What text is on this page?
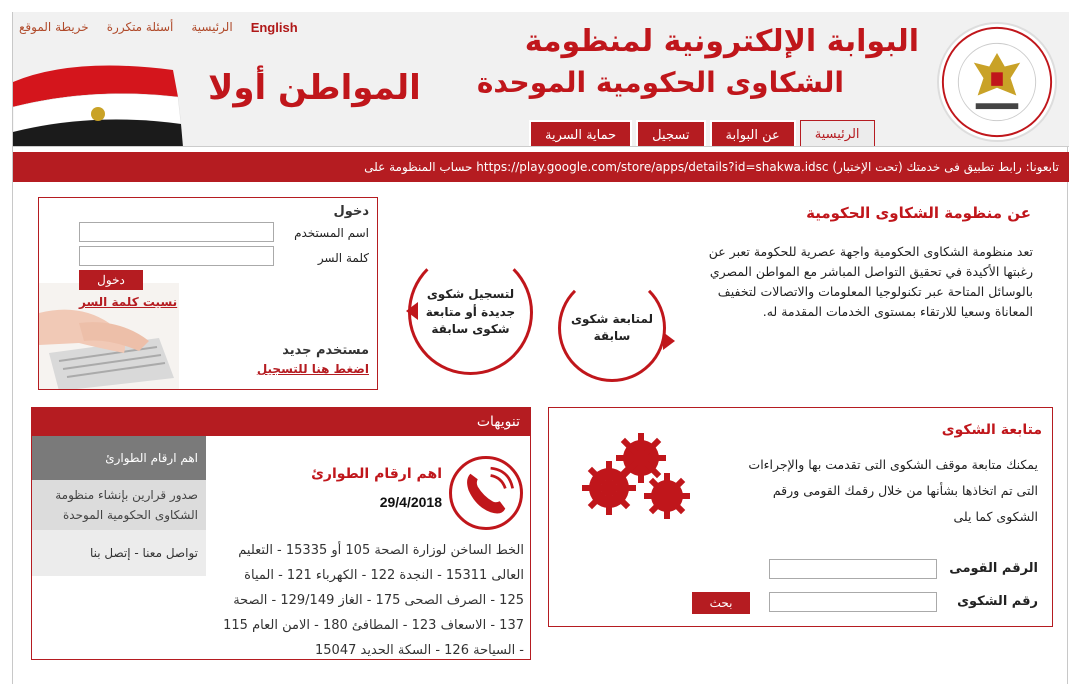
خريطة الموقع أسئلة متكررة الرئيسية English
المواطن أولا
البوابة الإلكترونية لمنظومة
الشكاوى الحكومية الموحدة
الرئيسية
عن البوابة
تسجيل
حماية السرية
تابعونا: رابط تطبيق فى خدمتك (تحت الإختبار) https://play.google.com/store/apps/details?id=shakwa.idsc حساب المنظومة على
دخول
اسم المستخدم
كلمة السر
دخول
نسيت كلمة السر
مستخدم جديد
اضغط هنا للتسجيل
لتسجيل شكوى جديدة أو متابعة شكوى سابقة
لمتابعة شكوى سابقة
عن منظومة الشكاوى الحكومية
تعد منظومة الشكاوى الحكومية واجهة عصرية للحكومة تعبر عن رغبتها الأكيدة في تحقيق التواصل المباشر مع المواطن المصري بالوسائل المتاحة عبر تكنولوجيا المعلومات والاتصالات لتخفيف المعاناة وسعيا للارتقاء بمستوى الخدمات المقدمة له.
تنويهات
اهم ارقام الطوارئ
صدور قرارين بإنشاء منظومة الشكاوى الحكومية الموحدة
تواصل معنا - إتصل بنا
اهم ارقام الطوارئ
29/4/2018
الخط الساخن لوزارة الصحة 105 أو 15335 - التعليم العالى 15311 - النجدة 122 - الكهرباء 121 - المياة 125 - الصرف الصحى 175 - الغاز 129/149 - الصحة 137 - الاسعاف 123 - المطافئ 180 - الامن العام 115 - السياحة 126 - السكة الحديد 15047
متابعة الشكوى
يمكنك متابعة موقف الشكوى التى تقدمت بها والإجراءات التى تم اتخاذها بشأنها من خلال رقمك القومى ورقم الشكوى كما يلى
الرقم القومى
رقم الشكوى
بحث
